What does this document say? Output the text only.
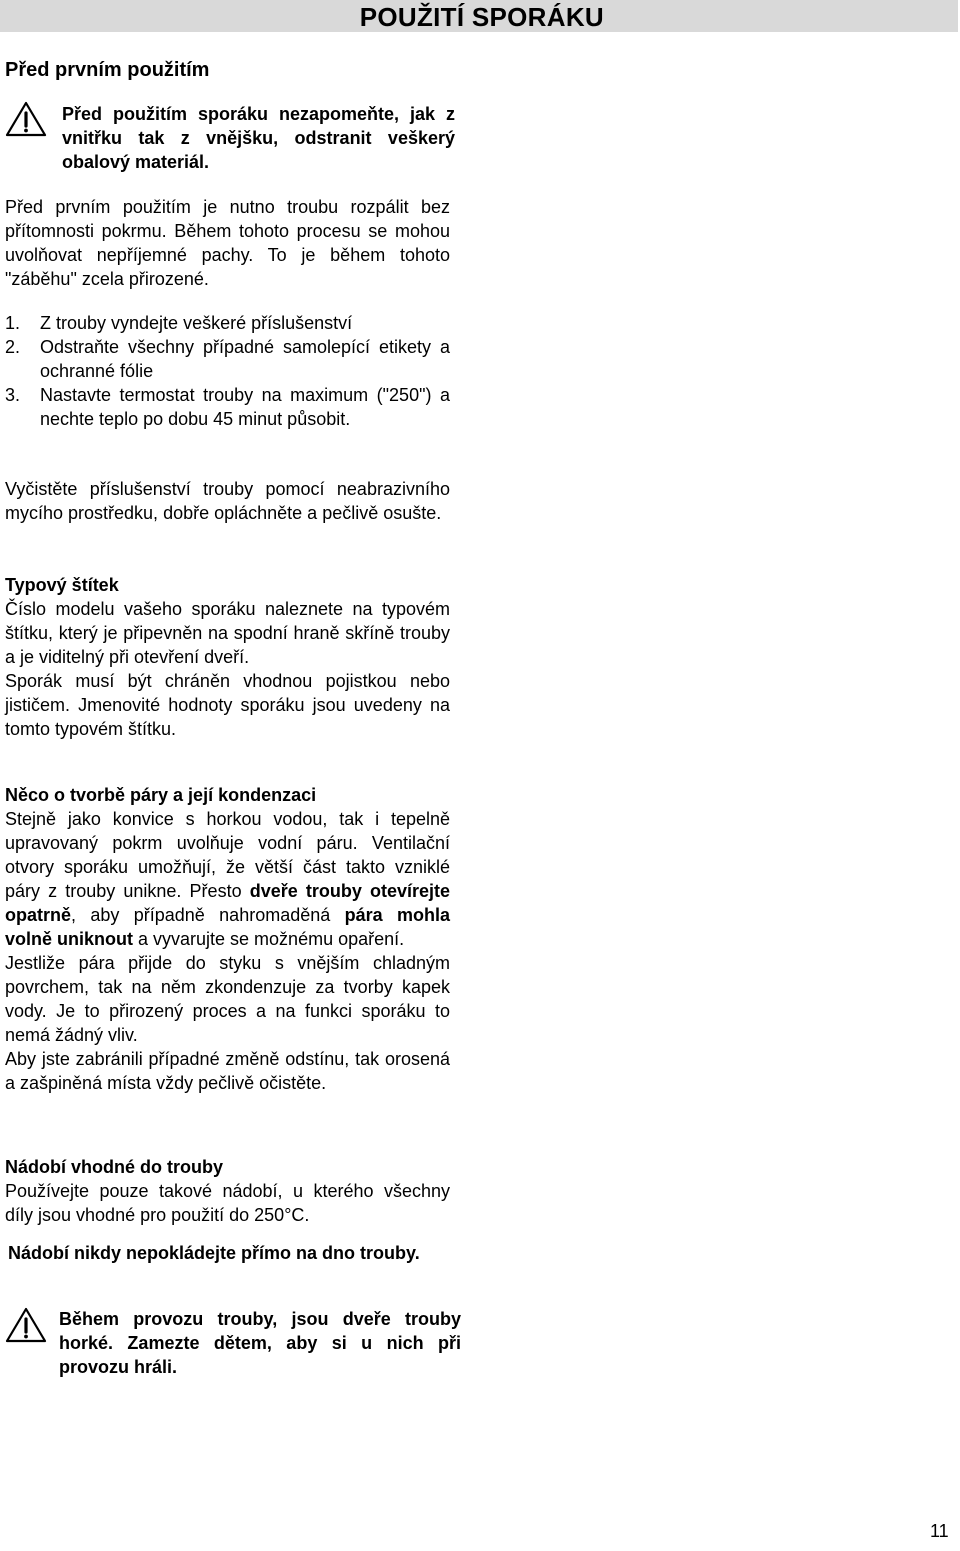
POUŽITÍ SPORÁKU
Před prvním použitím
Před použitím sporáku nezapomeňte, jak z vnitřku tak z vnějšku, odstranit veškerý obalový materiál.

Před prvním použitím je nutno troubu rozpálit bez přítomnosti pokrmu. Během tohoto procesu se mohou uvolňovat nepříjemné pachy. To je během tohoto "záběhu" zcela přirozené.

1. Z trouby vyndejte veškeré příslušenství
2. Odstraňte všechny případné samolepící etikety a ochranné fólie
3. Nastavte termostat trouby na maximum ("250") a nechte teplo po dobu 45 minut působit.

Vyčistěte příslušenství trouby pomocí neabrazivního mycího prostředku, dobře opláchněte a pečlivě osušte.

Typový štítek

Číslo modelu vašeho sporáku naleznete na typovém štítku, který je připevněn na spodní hraně skříně trouby a je viditelný při otevření dveří.

Sporák musí být chráněn vhodnou pojistkou nebo jističem. Jmenovité hodnoty sporáku jsou uvedeny na tomto typovém štítku.

Něco o tvorbě páry a její kondenzaci

Stejně jako konvice s horkou vodou, tak i tepelně upravovaný pokrm uvolňuje vodní páru. Ventilační otvory sporáku umožňují, že větší část takto vzniklé páry z trouby unikne. Přesto dveře trouby otevírejte opatrně, aby případně nahromaděná pára mohla volně uniknout a vyvarujte se možnému opaření.

Jestliže pára přijde do styku s vnějším chladným povrchem, tak na něm zkondenzuje za tvorby kapek vody. Je to přirozený proces a na funkci sporáku to nemá žádný vliv.

Aby jste zabránili případné změně odstínu, tak orosená a zašpiněná místa vždy pečlivě očistěte.

Nádobí vhodné do trouby

Používejte pouze takové nádobí, u kterého všechny díly jsou vhodné pro použití do 250°C.

Nádobí nikdy nepokládejte přímo na dno trouby.

Během provozu trouby, jsou dveře trouby horké. Zamezte dětem, aby si u nich při provozu hráli.
11
